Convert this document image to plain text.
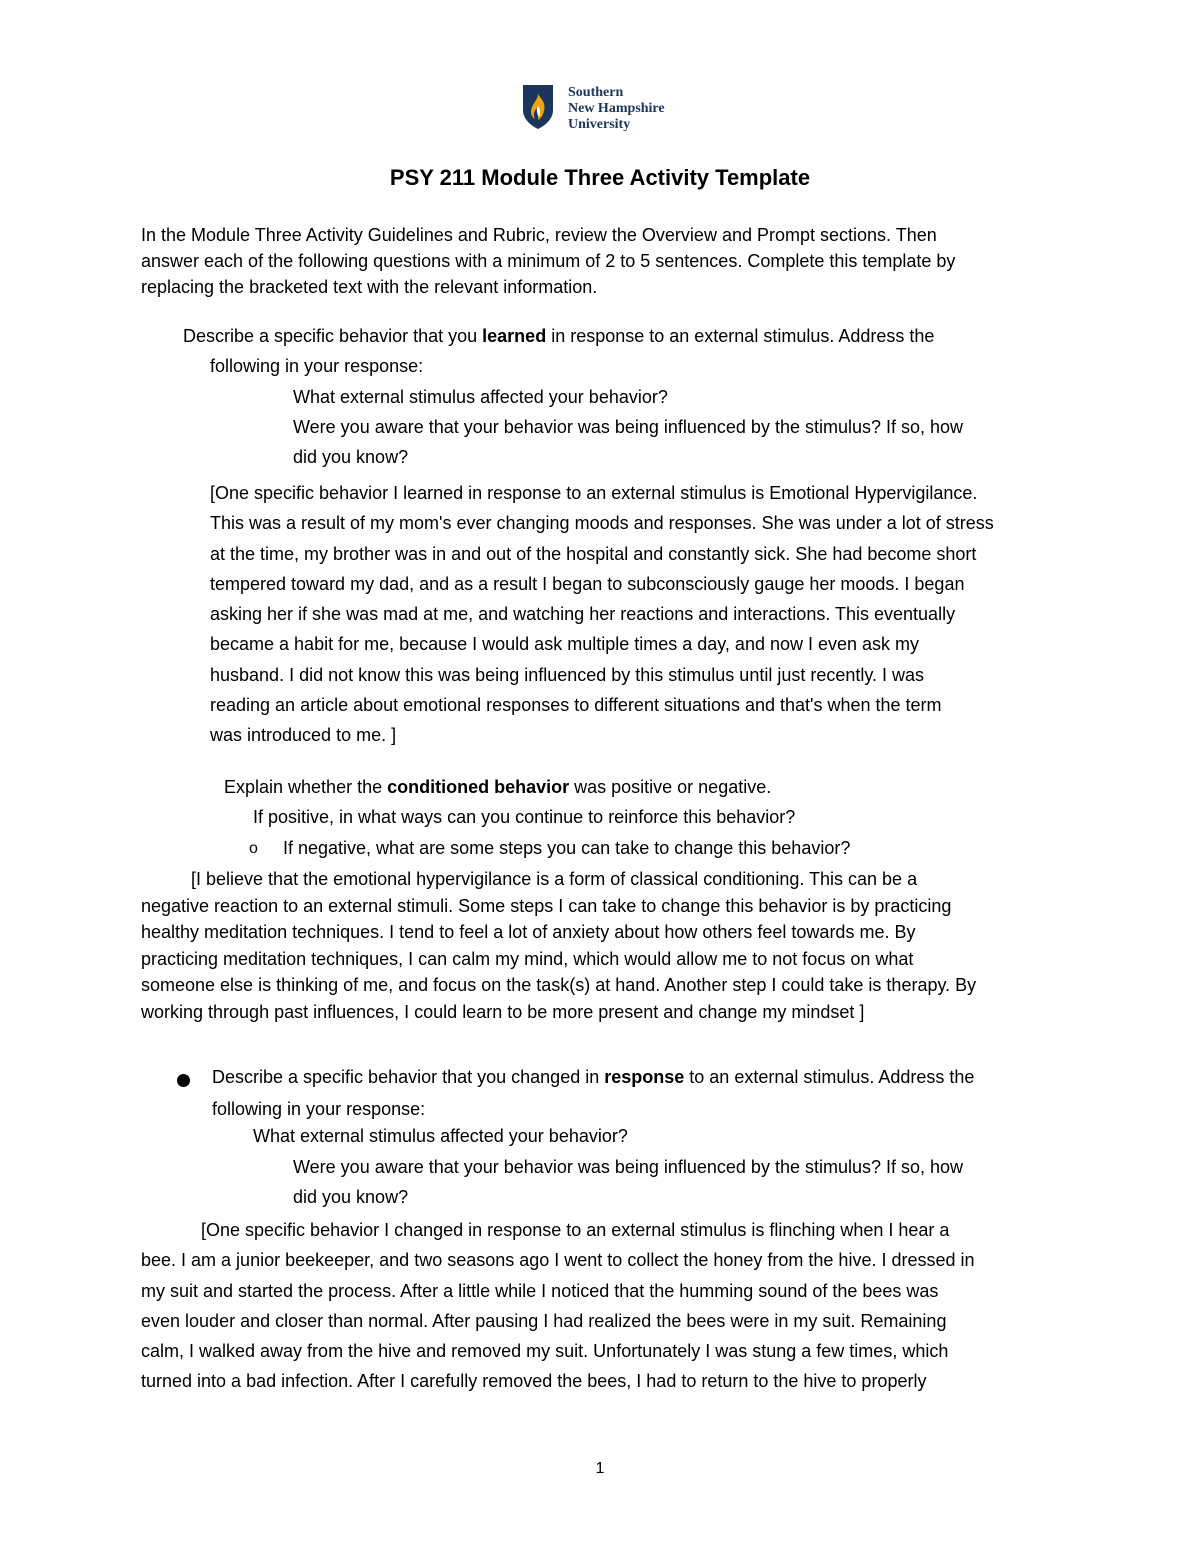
Southern
New Hampshire
University
PSY 211 Module Three Activity Template
In the Module Three Activity Guidelines and Rubric, review the Overview and Prompt sections. Then
answer each of the following questions with a minimum of 2 to 5 sentences. Complete this template by
replacing the bracketed text with the relevant information.
Describe a specific behavior that you learned in response to an external stimulus. Address the
following in your response:
What external stimulus affected your behavior?
Were you aware that your behavior was being influenced by the stimulus? If so, how
did you know?
[One specific behavior I learned in response to an external stimulus is Emotional Hypervigilance.
This was a result of my mom's ever changing moods and responses. She was under a lot of stress
at the time, my brother was in and out of the hospital and constantly sick. She had become short
tempered toward my dad, and as a result I began to subconsciously gauge her moods. I began
asking her if she was mad at me, and watching her reactions and interactions. This eventually
became a habit for me, because I would ask multiple times a day, and now I even ask my
husband. I did not know this was being influenced by this stimulus until just recently. I was
reading an article about emotional responses to different situations and that's when the term
was introduced to me. ]
Explain whether the conditioned behavior was positive or negative.
If positive, in what ways can you continue to reinforce this behavior?
o If negative, what are some steps you can take to change this behavior?
[I believe that the emotional hypervigilance is a form of classical conditioning. This can be a
negative reaction to an external stimuli. Some steps I can take to change this behavior is by practicing
healthy meditation techniques. I tend to feel a lot of anxiety about how others feel towards me. By
practicing meditation techniques, I can calm my mind, which would allow me to not focus on what
someone else is thinking of me, and focus on the task(s) at hand. Another step I could take is therapy. By
working through past influences, I could learn to be more present and change my mindset ]
Describe a specific behavior that you changed in response to an external stimulus. Address the
following in your response:
What external stimulus affected your behavior?
Were you aware that your behavior was being influenced by the stimulus? If so, how
did you know?
[One specific behavior I changed in response to an external stimulus is flinching when I hear a
bee. I am a junior beekeeper, and two seasons ago I went to collect the honey from the hive. I dressed in
my suit and started the process. After a little while I noticed that the humming sound of the bees was
even louder and closer than normal. After pausing I had realized the bees were in my suit. Remaining
calm, I walked away from the hive and removed my suit. Unfortunately I was stung a few times, which
turned into a bad infection. After I carefully removed the bees, I had to return to the hive to properly
1
